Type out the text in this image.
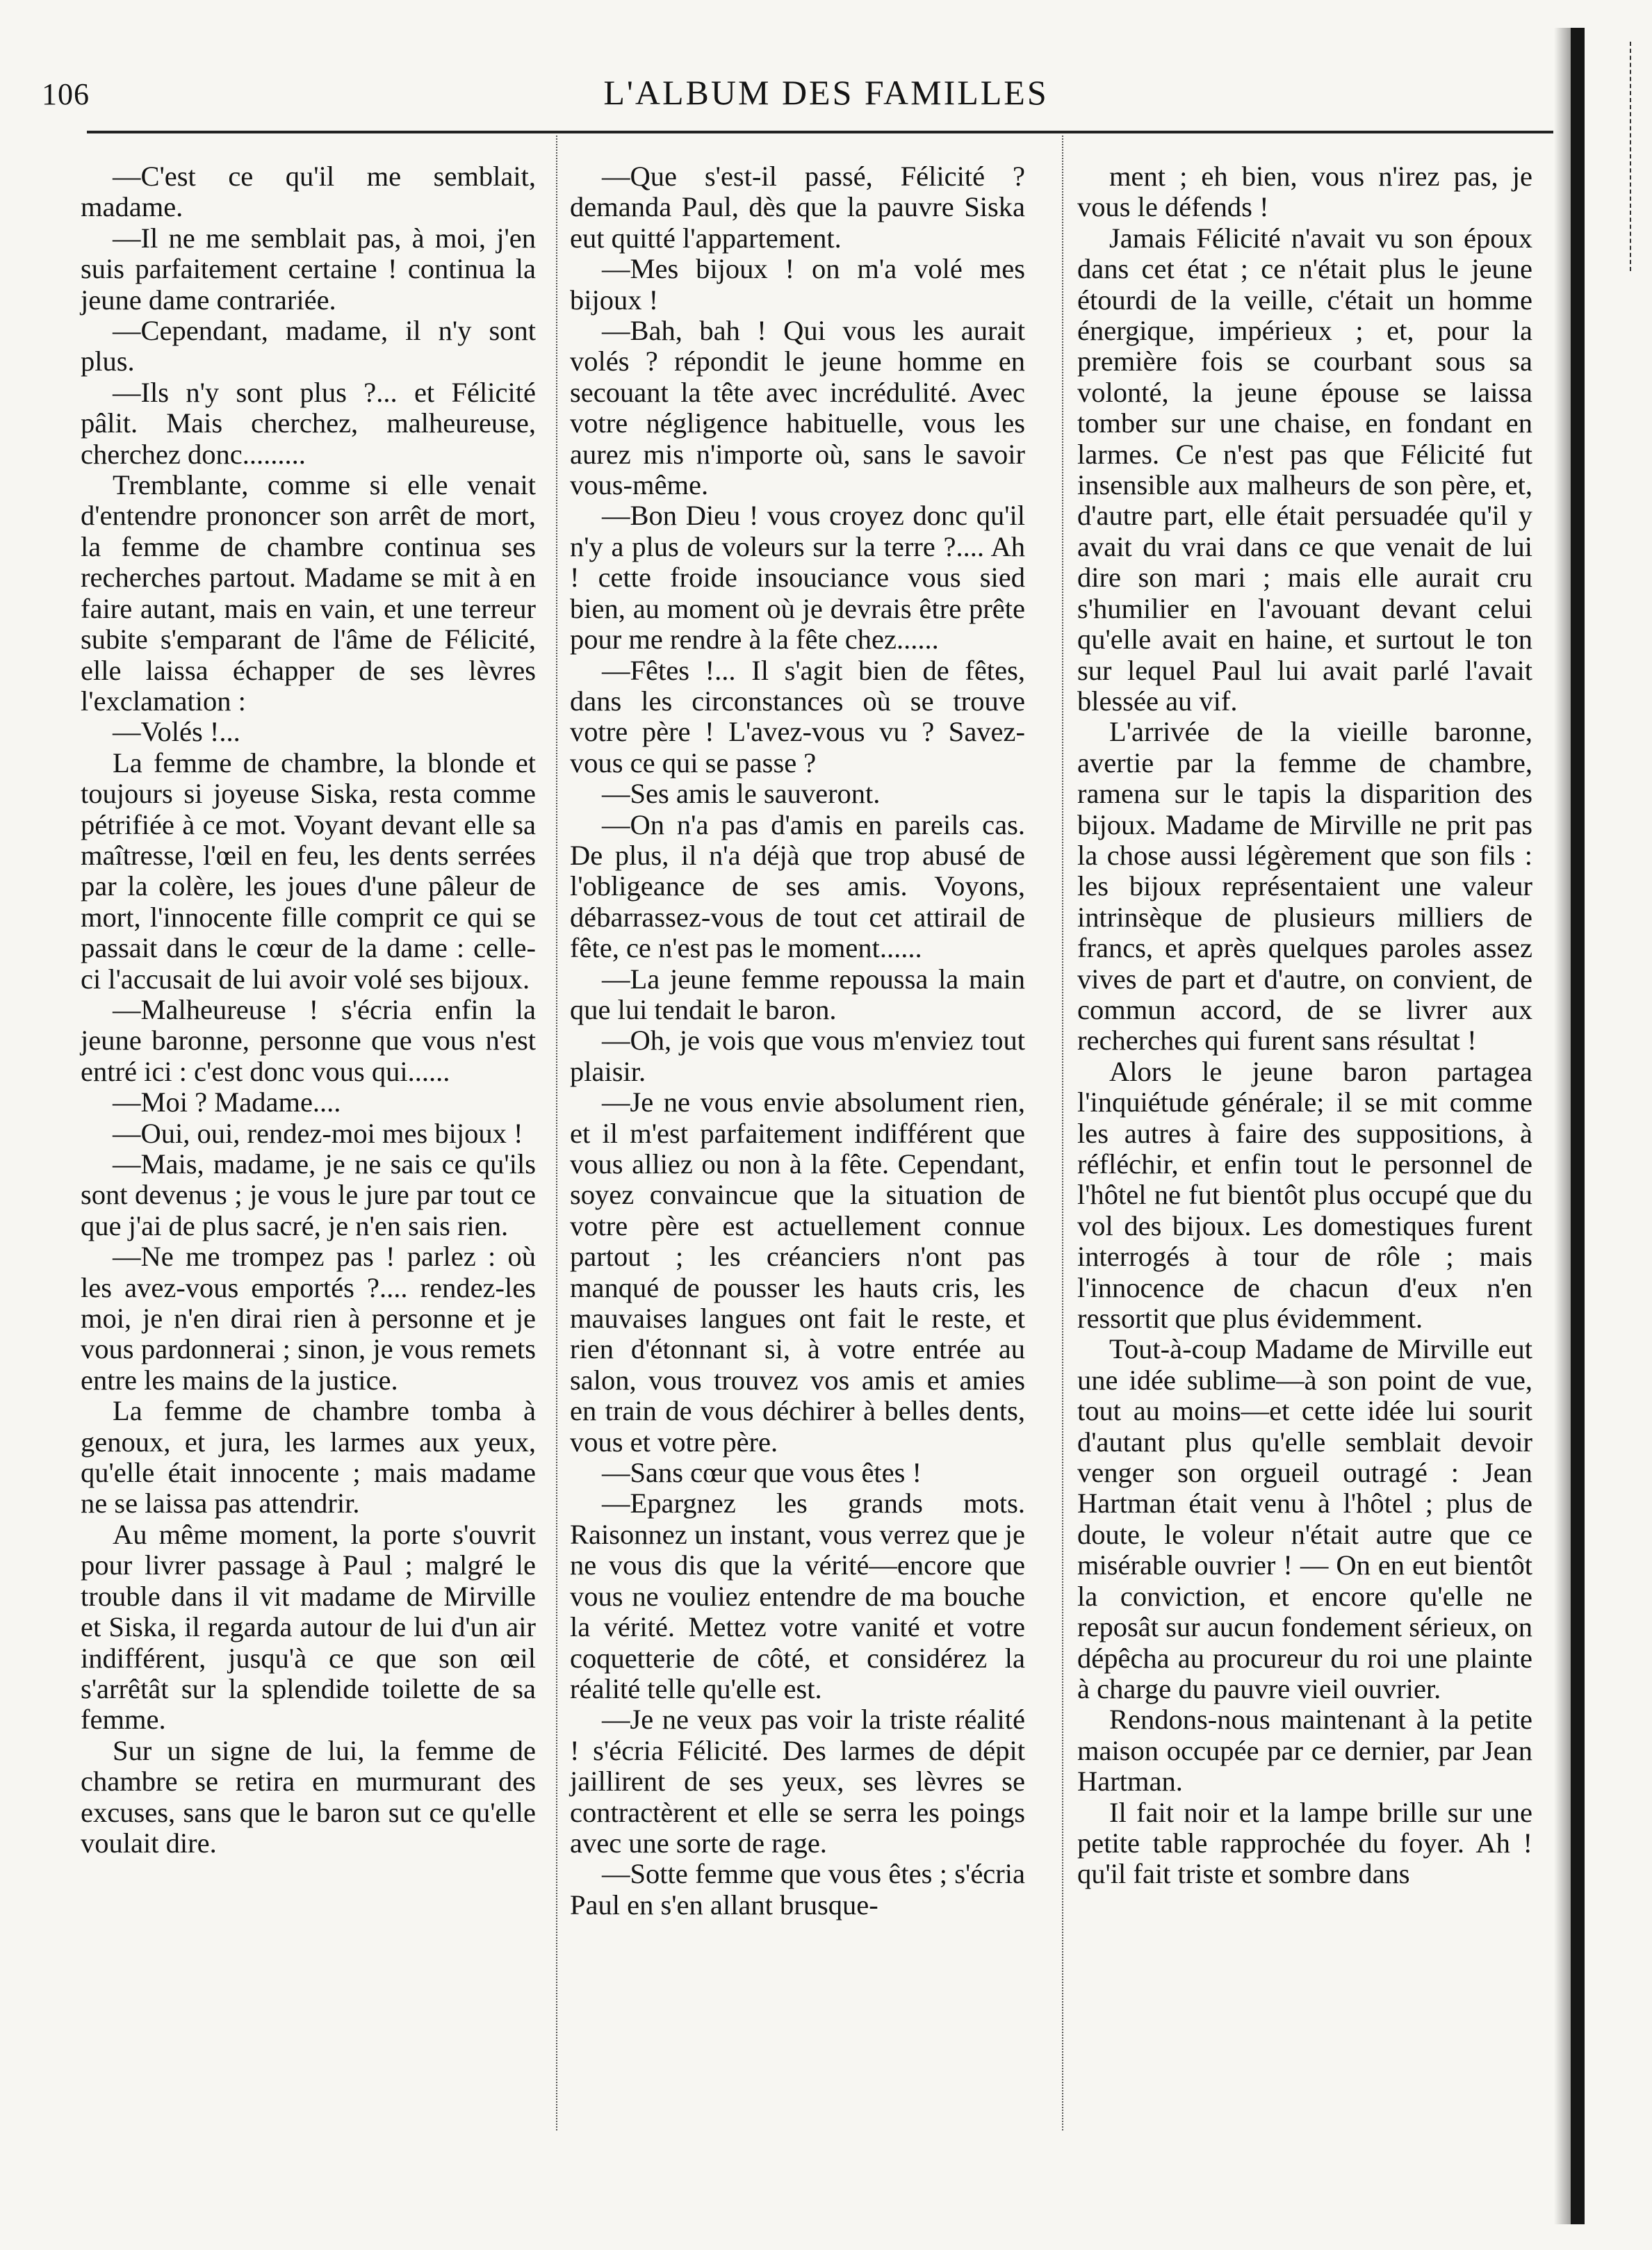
106	L'ALBUM DES FAMILLES

—C'est ce qu'il me semblait, madame.

—Il ne me semblait pas, à moi, j'en suis parfaitement certaine ! continua la jeune dame contrariée.

—Cependant, madame, il n'y sont plus.

—Ils n'y sont plus ?... et Félicité pâlit. Mais cherchez, malheureuse, cherchez donc.........

Tremblante, comme si elle venait d'entendre prononcer son arrêt de mort, la femme de chambre continua ses recherches partout. Madame se mit à en faire autant, mais en vain, et une terreur subite s'emparant de l'âme de Félicité, elle laissa échapper de ses lèvres l'exclamation :

—Volés !...

La femme de chambre, la blonde et toujours si joyeuse Siska, resta comme pétrifiée à ce mot. Voyant devant elle sa maîtresse, l'œil en feu, les dents serrées par la colère, les joues d'une pâleur de mort, l'innocente fille comprit ce qui se passait dans le cœur de la dame : celle-ci l'accusait de lui avoir volé ses bijoux.

—Malheureuse ! s'écria enfin la jeune baronne, personne que vous n'est entré ici : c'est donc vous qui......

—Moi ? Madame....

—Oui, oui, rendez-moi mes bijoux !

—Mais, madame, je ne sais ce qu'ils sont devenus ; je vous le jure par tout ce que j'ai de plus sacré, je n'en sais rien.

—Ne me trompez pas ! parlez : où les avez-vous emportés ?.... rendez-les moi, je n'en dirai rien à personne et je vous pardonnerai ; sinon, je vous remets entre les mains de la justice.

La femme de chambre tomba à genoux, et jura, les larmes aux yeux, qu'elle était innocente ; mais madame ne se laissa pas attendrir.

Au même moment, la porte s'ouvrit pour livrer passage à Paul ; malgré le trouble dans il vit madame de Mirville et Siska, il regarda autour de lui d'un air indifférent, jusqu'à ce que son œil s'arrêtât sur la splendide toilette de sa femme.

Sur un signe de lui, la femme de chambre se retira en murmurant des excuses, sans que le baron sut ce qu'elle voulait dire.

—Que s'est-il passé, Félicité ? demanda Paul, dès que la pauvre Siska eut quitté l'appartement.

—Mes bijoux ! on m'a volé mes bijoux !

—Bah, bah ! Qui vous les aurait volés ? répondit le jeune homme en secouant la tête avec incrédulité. Avec votre négligence habituelle, vous les aurez mis n'importe où, sans le savoir vous-même.

—Bon Dieu ! vous croyez donc qu'il n'y a plus de voleurs sur la terre ?.... Ah ! cette froide insouciance vous sied bien, au moment où je devrais être prête pour me rendre à la fête chez......

—Fêtes !... Il s'agit bien de fêtes, dans les circonstances où se trouve votre père ! L'avez-vous vu ? Savez-vous ce qui se passe ?

—Ses amis le sauveront.

—On n'a pas d'amis en pareils cas. De plus, il n'a déjà que trop abusé de l'obligeance de ses amis. Voyons, débarrassez-vous de tout cet attirail de fête, ce n'est pas le moment......

—La jeune femme repoussa la main que lui tendait le baron.

—Oh, je vois que vous m'enviez tout plaisir.

—Je ne vous envie absolument rien, et il m'est parfaitement indifférent que vous alliez ou non à la fête. Cependant, soyez convaincue que la situation de votre père est actuellement connue partout ; les créanciers n'ont pas manqué de pousser les hauts cris, les mauvaises langues ont fait le reste, et rien d'étonnant si, à votre entrée au salon, vous trouvez vos amis et amies en train de vous déchirer à belles dents, vous et votre père.

—Sans cœur que vous êtes !

—Epargnez les grands mots. Raisonnez un instant, vous verrez que je ne vous dis que la vérité—encore que vous ne vouliez entendre de ma bouche la vérité. Mettez votre vanité et votre coquetterie de côté, et considérez la réalité telle qu'elle est.

—Je ne veux pas voir la triste réalité ! s'écria Félicité. Des larmes de dépit jaillirent de ses yeux, ses lèvres se contractèrent et elle se serra les poings avec une sorte de rage.

—Sotte femme que vous êtes ; s'écria Paul en s'en allant brusque-

ment ; eh bien, vous n'irez pas, je vous le défends !

Jamais Félicité n'avait vu son époux dans cet état ; ce n'était plus le jeune étourdi de la veille, c'était un homme énergique, impérieux ; et, pour la première fois se courbant sous sa volonté, la jeune épouse se laissa tomber sur une chaise, en fondant en larmes. Ce n'est pas que Félicité fut insensible aux malheurs de son père, et, d'autre part, elle était persuadée qu'il y avait du vrai dans ce que venait de lui dire son mari ; mais elle aurait cru s'humilier en l'avouant devant celui qu'elle avait en haine, et surtout le ton sur lequel Paul lui avait parlé l'avait blessée au vif.

L'arrivée de la vieille baronne, avertie par la femme de chambre, ramena sur le tapis la disparition des bijoux. Madame de Mirville ne prit pas la chose aussi légèrement que son fils : les bijoux représentaient une valeur intrinsèque de plusieurs milliers de francs, et après quelques paroles assez vives de part et d'autre, on convient, de commun accord, de se livrer aux recherches qui furent sans résultat !

Alors le jeune baron partagea l'inquiétude générale; il se mit comme les autres à faire des suppositions, à réfléchir, et enfin tout le personnel de l'hôtel ne fut bientôt plus occupé que du vol des bijoux. Les domestiques furent interrogés à tour de rôle ; mais l'innocence de chacun d'eux n'en ressortit que plus évidemment.

Tout-à-coup Madame de Mirville eut une idée sublime—à son point de vue, tout au moins—et cette idée lui sourit d'autant plus qu'elle semblait devoir venger son orgueil outragé : Jean Hartman était venu à l'hôtel ; plus de doute, le voleur n'était autre que ce misérable ouvrier ! — On en eut bientôt la conviction, et encore qu'elle ne reposât sur aucun fondement sérieux, on dépêcha au procureur du roi une plainte à charge du pauvre vieil ouvrier.

Rendons-nous maintenant à la petite maison occupée par ce dernier, par Jean Hartman.

Il fait noir et la lampe brille sur une petite table rapprochée du foyer. Ah ! qu'il fait triste et sombre dans
